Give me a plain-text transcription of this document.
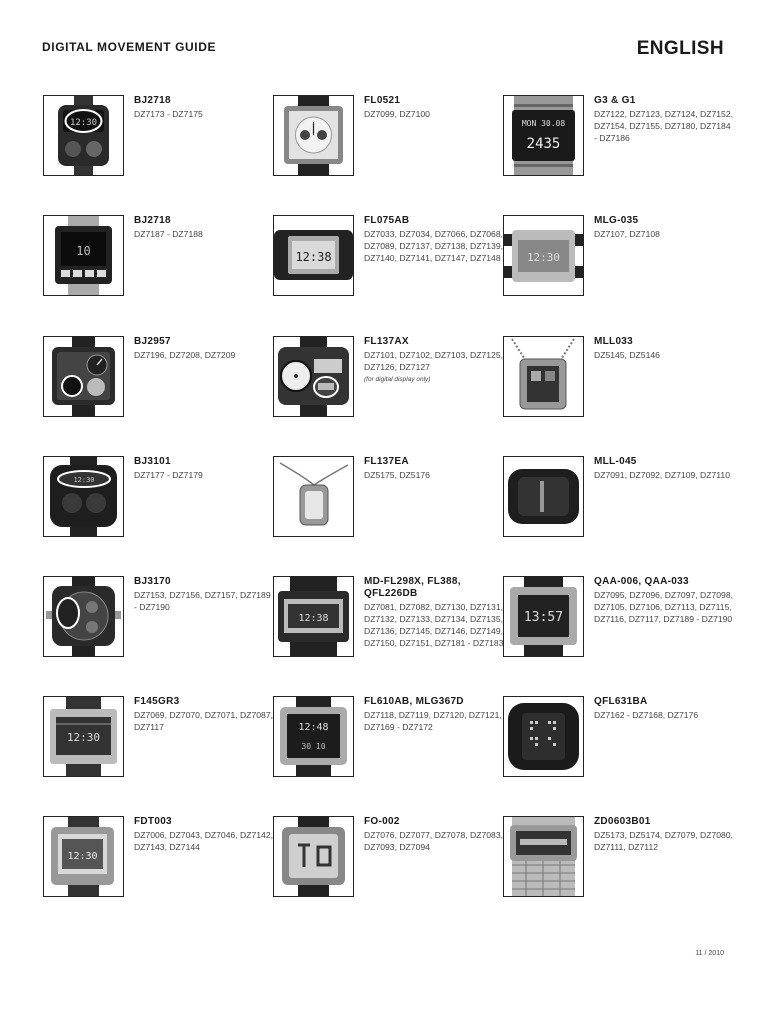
DIGITAL MOVEMENT GUIDE	ENGLISH
12:30
BJ2718
DZ7173 - DZ7175
10
BJ2718
DZ7187 - DZ7188
BJ2957
DZ7196, DZ7208, DZ7209
12:30
BJ3101
DZ7177 - DZ7179
BJ3170
DZ7153, DZ7156, DZ7157, DZ7189 - DZ7190
12:30
F145GR3
DZ7069, DZ7070, DZ7071, DZ7087, DZ7117
12:30
FDT003
DZ7006, DZ7043, DZ7046, DZ7142, DZ7143, DZ7144
FL0521
DZ7099, DZ7100
12:38
FL075AB
DZ7033, DZ7034, DZ7066, DZ7068, DZ7089, DZ7137, DZ7138, DZ7139, DZ7140, DZ7141, DZ7147, DZ7148
FL137AX
DZ7101, DZ7102, DZ7103, DZ7125, DZ7126, DZ7127
(for digital display only)
FL137EA
DZ5175, DZ5176
12:38
MD-FL298X, FL388, QFL226DB
DZ7081, DZ7082, DZ7130, DZ7131, DZ7132, DZ7133, DZ7134, DZ7135, DZ7136, DZ7145, DZ7146, DZ7149, DZ7150, DZ7151, DZ7181 - DZ7183
12:48
30 10
FL610AB, MLG367D
DZ7118, DZ7119, DZ7120, DZ7121, DZ7169 - DZ7172
FO-002
DZ7076, DZ7077, DZ7078, DZ7083, DZ7093, DZ7094
MON 30.08
2435
G3 & G1
DZ7122, DZ7123, DZ7124, DZ7152, DZ7154, DZ7155, DZ7180, DZ7184 - DZ7186
12:30
MLG-035
DZ7107, DZ7108
MLL033
DZ5145, DZ5146
MLL-045
DZ7091, DZ7092, DZ7109, DZ7110
13:57
QAA-006, QAA-033
DZ7095, DZ7096, DZ7097, DZ7098, DZ7105, DZ7106, DZ7113, DZ7115, DZ7116, DZ7117, DZ7189 - DZ7190
QFL631BA
DZ7162 - DZ7168, DZ7176
ZD0603B01
DZ5173, DZ5174, DZ7079, DZ7080, DZ7111, DZ7112
11 / 2010
